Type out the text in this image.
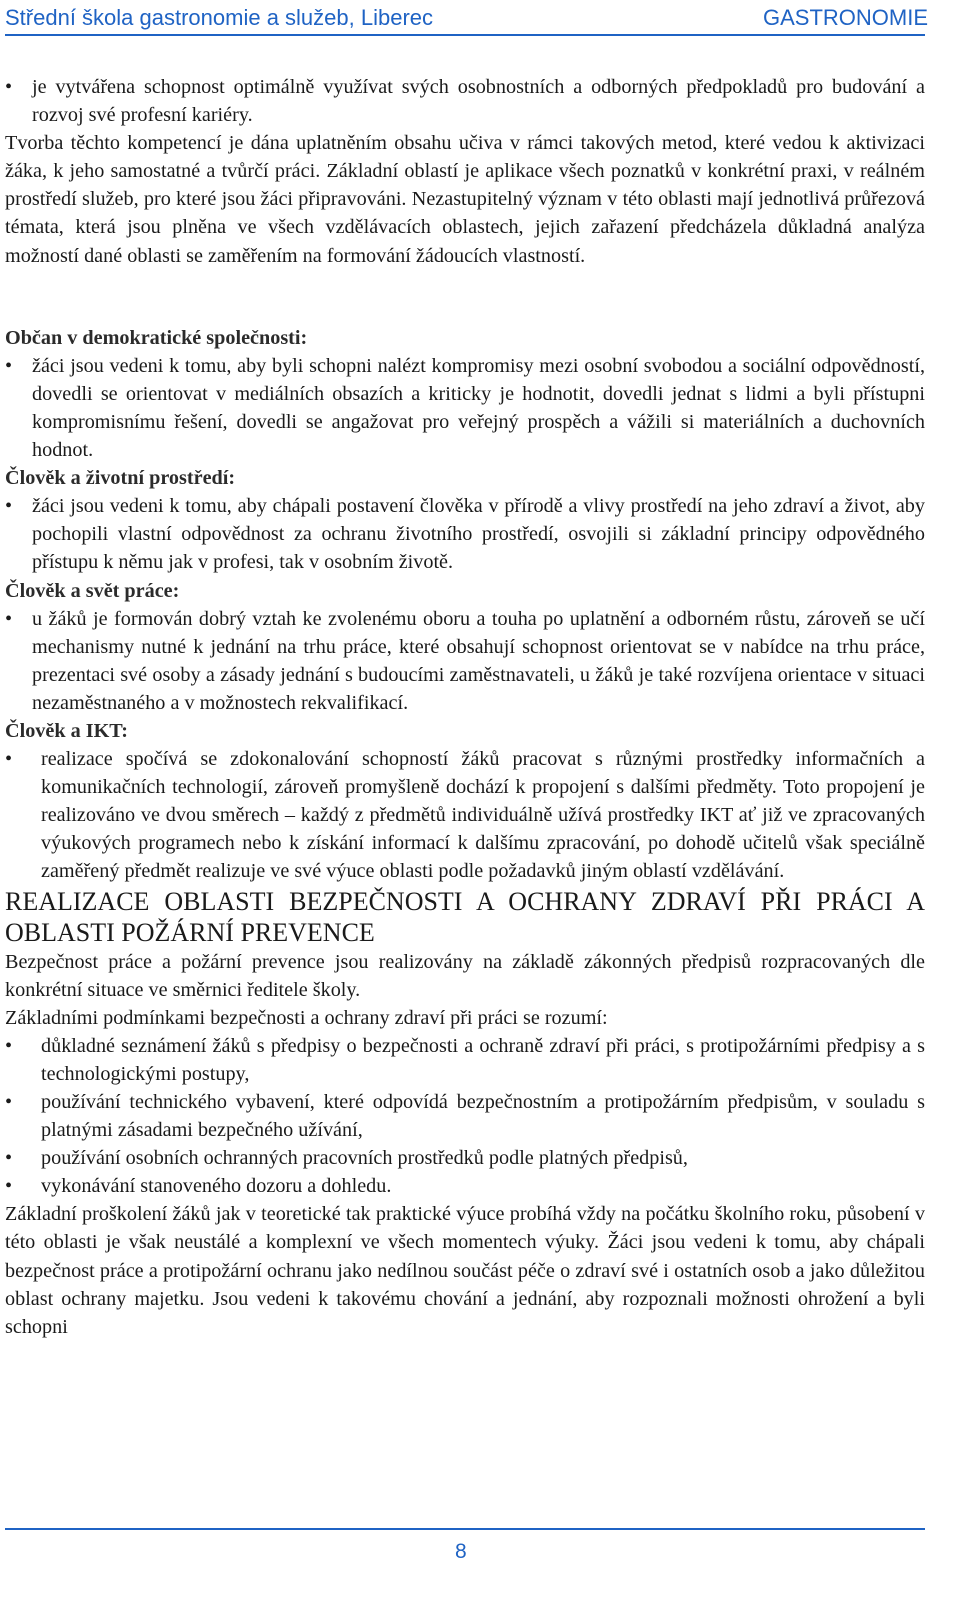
Střední škola gastronomie a služeb, Liberec	GASTRONOMIE

• je vytvářena schopnost optimálně využívat svých osobnostních a odborných předpokladů pro budování a rozvoj své profesní kariéry.

Tvorba těchto kompetencí je dána uplatněním obsahu učiva v rámci takových metod, které vedou k aktivizaci žáka, k jeho samostatné a tvůrčí práci. Základní oblastí je aplikace všech poznatků v konkrétní praxi, v reálném prostředí služeb, pro které jsou žáci připravováni. Nezastupitelný význam v této oblasti mají jednotlivá průřezová témata, která jsou plněna ve všech vzdělávacích oblastech, jejich zařazení předcházela důkladná analýza možností dané oblasti se zaměřením na formování žádoucích vlastností.

Občan v demokratické společnosti:

• žáci jsou vedeni k tomu, aby byli schopni nalézt kompromisy mezi osobní svobodou a sociální odpovědností, dovedli se orientovat v mediálních obsazích a kriticky je hodnotit, dovedli jednat s lidmi a byli přístupni kompromisnímu řešení, dovedli se angažovat pro veřejný prospěch a vážili si materiálních a duchovních hodnot.

Člověk a životní prostředí:

• žáci jsou vedeni k tomu, aby chápali postavení člověka v přírodě a vlivy prostředí na jeho zdraví a život, aby pochopili vlastní odpovědnost za ochranu životního prostředí, osvojili si základní principy odpovědného přístupu k němu jak v profesi, tak v osobním životě.

Člověk a svět práce:

• u žáků je formován dobrý vztah ke zvolenému oboru a touha po uplatnění a odborném růstu, zároveň se učí mechanismy nutné k jednání na trhu práce, které obsahují schopnost orientovat se v nabídce na trhu práce, prezentaci své osoby a zásady jednání s budoucími zaměstnavateli, u žáků je také rozvíjena orientace v situaci nezaměstnaného a v možnostech rekvalifikací.

Člověk a IKT:

• realizace spočívá se zdokonalování schopností žáků pracovat s různými prostředky informačních a komunikačních technologií, zároveň promyšleně dochází k propojení s dalšími předměty. Toto propojení je realizováno ve dvou směrech – každý z předmětů individuálně užívá prostředky IKT ať již ve zpracovaných výukových programech nebo k získání informací k dalšímu zpracování, po dohodě učitelů však speciálně zaměřený předmět realizuje ve své výuce oblasti podle požadavků jiným oblastí vzdělávání.

REALIZACE OBLASTI BEZPEČNOSTI A OCHRANY ZDRAVÍ PŘI PRÁCI A OBLASTI POŽÁRNÍ PREVENCE

Bezpečnost práce a požární prevence jsou realizovány na základě zákonných předpisů rozpracovaných dle konkrétní situace ve směrnici ředitele školy.

Základními podmínkami bezpečnosti a ochrany zdraví při práci se rozumí:

• důkladné seznámení žáků s předpisy o bezpečnosti a ochraně zdraví při práci, s protipožárními předpisy a s technologickými postupy,

• používání technického vybavení, které odpovídá bezpečnostním a protipožárním předpisům, v souladu s platnými zásadami bezpečného užívání,

• používání osobních ochranných pracovních prostředků podle platných předpisů,

• vykonávání stanoveného dozoru a dohledu.

Základní proškolení žáků jak v teoretické tak praktické výuce probíhá vždy na počátku školního roku, působení v této oblasti je však neustálé a komplexní ve všech momentech výuky. Žáci jsou vedeni k tomu, aby chápali bezpečnost práce a protipožární ochranu jako nedílnou součást péče o zdraví své i ostatních osob a jako důležitou oblast ochrany majetku. Jsou vedeni k takovému chování a jednání, aby rozpoznali možnosti ohrožení a byli schopni

8
